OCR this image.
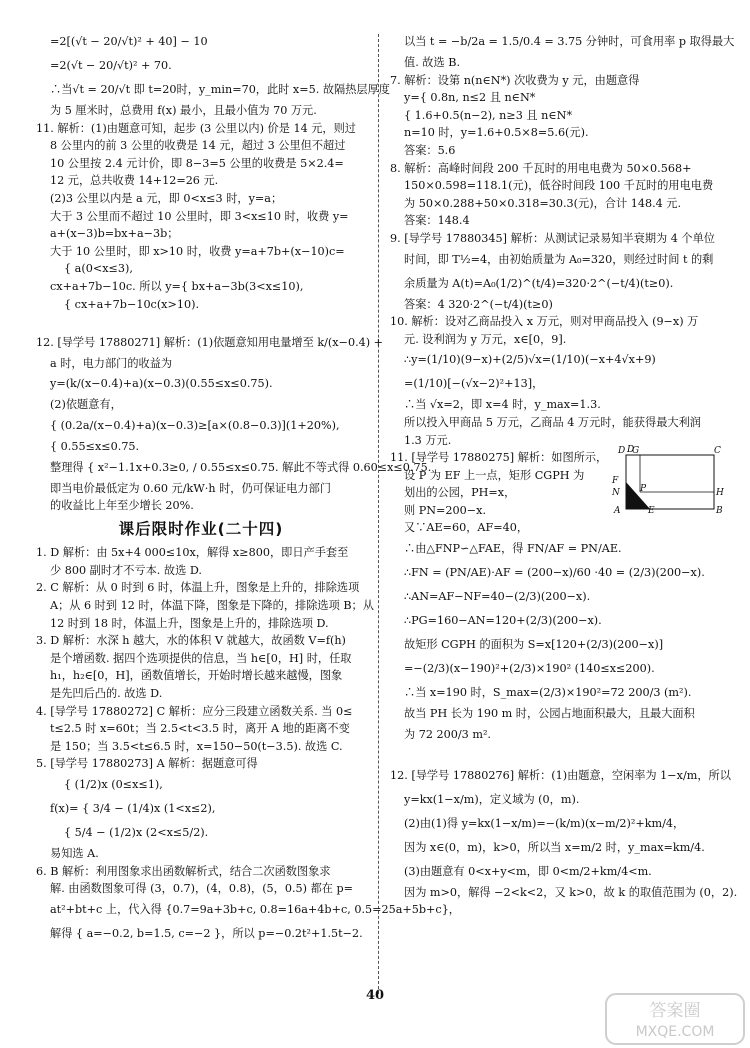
=2[(√t − 20/√t)² + 40] − 10
=2(√t − 20/√t)² + 70.
∴当√t = 20/√t 即 t=20时，y_min=70，此时 x=5. 故隔热层厚度
为 5 厘米时，总费用 f(x) 最小，且最小值为 70 万元.
11. 解析：(1)由题意可知，起步 (3 公里以内) 价是 14 元，则过
8 公里内的前 3 公里的收费是 14 元，超过 3 公里但不超过
10 公里按 2.4 元计价，即 8−3=5 公里的收费是 5×2.4=
12 元，总共收费 14+12=26 元.
(2)3 公里以内是 a 元，即 0<x≤3 时，y=a；
大于 3 公里而不超过 10 公里时，即 3<x≤10 时，收费 y=
a+(x−3)b=bx+a−3b；
大于 10 公里时，即 x>10 时，收费 y=a+7b+(x−10)c=
{ a(0<x≤3),
cx+a+7b−10c. 所以 y={ bx+a−3b(3<x≤10),
{ cx+a+7b−10c(x>10).

12. [导学号 17880271] 解析：(1)依题意知用电量增至 k/(x−0.4) +
a 时，电力部门的收益为
y=(k/(x−0.4)+a)(x−0.3)(0.55≤x≤0.75).
(2)依题意有，
{ (0.2a/(x−0.4)+a)(x−0.3)≥[a×(0.8−0.3)](1+20%),
{ 0.55≤x≤0.75.
整理得 { x²−1.1x+0.3≥0, / 0.55≤x≤0.75. 解此不等式得 0.60≤x≤0.75.
即当电价最低定为 0.60 元/kW·h 时，仍可保证电力部门
的收益比上年至少增长 20%.
课后限时作业(二十四)
1. D 解析：由 5x+4 000≤10x，解得 x≥800，即日产手套至
少 800 副时才不亏本. 故选 D.
2. C 解析：从 0 时到 6 时，体温上升，图象是上升的，排除选项
A；从 6 时到 12 时，体温下降，图象是下降的，排除选项 B；从
12 时到 18 时，体温上升，图象是上升的，排除选项 D.
3. D 解析：水深 h 越大，水的体积 V 就越大，故函数 V=f(h)
是个增函数. 据四个选项提供的信息，当 h∈[0，H] 时，任取
h₁，h₂∈[0，H]，函数值增长，开始时增长越来越慢，图象
是先凹后凸的. 故选 D.
4. [导学号 17880272] C 解析：应分三段建立函数关系. 当 0≤
t≤2.5 时 x=60t；当 2.5<t<3.5 时，离开 A 地的距离不变
是 150；当 3.5<t≤6.5 时，x=150−50(t−3.5). 故选 C.
5. [导学号 17880273] A 解析：据题意可得
{ (1/2)x (0≤x≤1),
f(x)= { 3/4 − (1/4)x (1<x≤2),
{ 5/4 − (1/2)x (2<x≤5/2).
易知选 A.
6. B 解析：利用图象求出函数解析式，结合二次函数图象求
解. 由函数图象可得 (3，0.7)，(4，0.8)，(5，0.5) 都在 p=
at²+bt+c 上，代入得 {0.7=9a+3b+c, 0.8=16a+4b+c, 0.5=25a+5b+c}，
解得 { a=−0.2, b=1.5, c=−2 }，所以 p=−0.2t²+1.5t−2.
以当 t = −b/2a = 1.5/0.4 = 3.75 分钟时，可食用率 p 取得最大
值. 故选 B.
7. 解析：设第 n(n∈N*) 次收费为 y 元，由题意得
y={ 0.8n, n≤2 且 n∈N*
{ 1.6+0.5(n−2), n≥3 且 n∈N*
n=10 时，y=1.6+0.5×8=5.6(元).
答案：5.6
8. 解析：高峰时间段 200 千瓦时的用电电费为 50×0.568+
150×0.598=118.1(元)，低谷时间段 100 千瓦时的用电电费
为 50×0.288+50×0.318=30.3(元)，合计 148.4 元.
答案：148.4
9. [导学号 17880345] 解析：从测试记录易知半衰期为 4 个单位
时间，即 T½=4，由初始质量为 A₀=320，则经过时间 t 的剩
余质量为 A(t)=A₀(1/2)^(t/4)=320·2^(−t/4)(t≥0).
答案：4 320·2^(−t/4)(t≥0)
10. 解析：设对乙商品投入 x 万元，则对甲商品投入 (9−x) 万
元. 设利润为 y 万元，x∈[0，9].
∴y=(1/10)(9−x)+(2/5)√x=(1/10)(−x+4√x+9)
=(1/10)[−(√x−2)²+13]，
∴当 √x=2，即 x=4 时，y_max=1.3.
所以投入甲商品 5 万元，乙商品 4 万元时，能获得最大利润
1.3 万元.
11. [导学号 17880275] 解析：如图所示，
设 P 为 EF 上一点，矩形 CGPH 为
划出的公园，PH=x，
则 PN=200−x.
又∵AE=60，AF=40，
∴由△FNP∽△FAE，得 FN/AF = PN/AE.
∴FN = (PN/AE)·AF = (200−x)/60 ·40 = (2/3)(200−x).
∴AN=AF−NF=40−(2/3)(200−x).
∴PG=160−AN=120+(2/3)(200−x).
故矩形 CGPH 的面积为 S=x[120+(2/3)(200−x)]
=−(2/3)(x−190)²+(2/3)×190² (140≤x≤200).
∴当 x=190 时，S_max=(2/3)×190²=72 200/3 (m²).
故当 PH 长为 190 m 时，公园占地面积最大，且最大面积
为 72 200/3 m².

12. [导学号 17880276] 解析：(1)由题意，空闲率为 1−x/m，所以
y=kx(1−x/m)，定义域为 (0，m).
(2)由(1)得 y=kx(1−x/m)=−(k/m)(x−m/2)²+km/4，
因为 x∈(0，m)，k>0，所以当 x=m/2 时，y_max=km/4.
(3)由题意有 0<x+y<m，即 0<m/2+km/4<m.
因为 m>0，解得 −2<k<2，又 k>0，故 k 的取值范围为 (0，2).
D
D G	C
F
N P	H
A	E	B
40
答案圈
MXQE.COM
